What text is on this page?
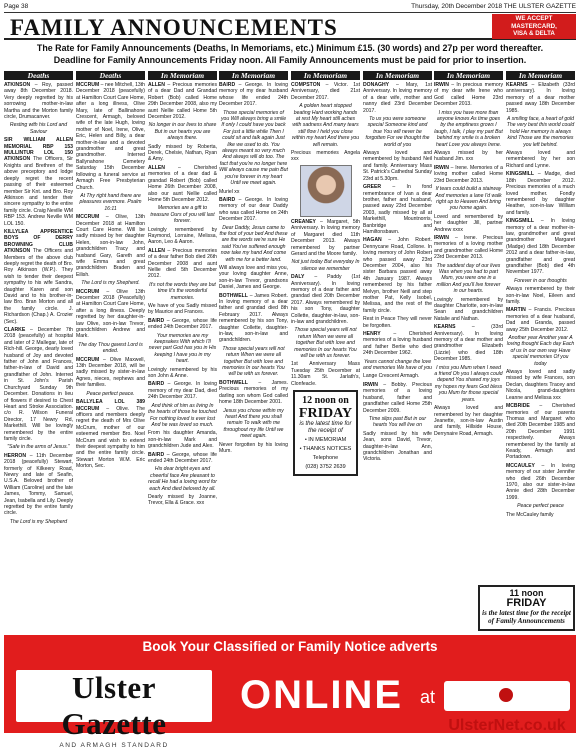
Page 38	Thursday, 20th December 2018 THE ULSTER GAZETTE
FAMILY ANNOUNCEMENTS	WE ACCEPT
MASTERCARD,
VISA & DELTA
The Rate for Family Announcements (Deaths, In Memoriams, etc.) Minimum £15. (30 words) and 27p per word thereafter.
Deadline for Family Announcements Friday noon. All Family Announcements must be paid for prior to insertion.
Deaths

ATKINSON – Roy, passed away 8th December 2018. Very deeply regretted by his sorrowing mother-in-law Martha and the Morton family circle, Drumacanver.

Resting with his Lord and Saviour

SIR WILLIAM ALLEN MEMORIAL RBP 153 MULLINTUR LOL 150 ATKINSON The Officers, Sir Knights and Brethren of the above preceptory and lodge deeply regret the recent passing of their esteemed member Sir Knt. and Bro. Roy Atkinson and tender their sincere sympathy to the entire family circle. Craig Neville WM RBP 153. Andrew Neville WM LOL 150.

KILLYLEA APPRENTICE BOYS OF DERRY BROWNING CLUB ATKINSON The Officers and Members of the above club deeply regret the death of Bro. Roy Atkinson (W.P.). They wish to tender their deepest sympathy to his wife Sandra, daughter Karen and son David and to his brother-in-law Bro. Bran Morton and all the family circle. J. Richardson (Chap.) A. Crozier (Sec).

CLARKE – December 7th 2018 (peacefully) at hospital and later of 2 Mallegar, late of Rich-hill. George, dearly loved husband of Joy and devoted father of John and Frances, father-in-law of David and grandfather of John. Interred in St. John's Parish Churchyard Sunday 9th December. Donations in lieu of flowers if desired to Chest Heart and Stroke Association. c/o R. Wilson Funeral Director, 17 Newry Rd, Markethill. Will be lovingly remembered by the entire family circle.

"Safe in the arms of Jesus."

HERRON – 11th December 2018 (peacefully) Stewart, formerly of Kilkeery Road, Newry and late of Seafin, U.S.A. Beloved brother of William (Caroline) and the late James, Tommy, Samuel, Jean, Isabella and Lily. Deeply regretted by the entire family circle.

The Lord is my Shepherd

Deaths

MCCRUM – nee Mitchell, 13th December 2018 (peacefully) at Hamilton Court Care Home, after a long illness, Olive Mary, late of Ballinahone Crescent, Armagh, beloved wife of the late Hugh, loving mother of Noel, Irene, Olive, Eric, Helen and Billy, a dear mother-in-law and a devoted grandmother and great grandmother. Interred Ballynahone Cemetery Saturday 15th December following a funeral service at Armagh Free Presbyterian Church.

At Thy right hand there are pleasures evermore. Psalm 16:11

MCCRUM – Olive, 13th December 2018 at Hamilton Court Care Home. Will be sadly missed by her daughter Helen, son-in-law John, grandchildren Tracy and husband Gary, Gareth and wife Emma and great grandchildren Braden and Eilish.

The Lord is my Shepherd.

MCCRUM – Olive 13th December 2018 (Peacefully) at Hamilton Court Care Home, after a long illness. Deeply regretted by her daughter-in-law Olive, son-in-law Trevor, grandchildren Andrew and Mark.

The day Thou gavest Lord is ended.

MCCRUM – Olive Maxwell, 13th December 2018, will be sadly missed by sister-in-law Agnes, nieces, nephews and their families.

Peace perfect peace.

BALLYLEA LOL 389 MCCRUM – Olive. The officers and members deeply regret the death of Mrs Olive McCrum, mother of our esteemed member Bro. Noel McCrum and wish to extend their deepest sympathy to him and the entire family circle. Stewart Morton W.M. Eric Morton, Sec.

In Memoriam

ALLEN – Precious memories of a dear Dad and Grandad Robert (Bob) called Home 29th December 2008, also my aunt Nellie called Home 5th December 2012.

No longer in our lives to share But in our hearts you are always there.

Sadly missed by Roberta, Derek, Chelsie, Nathan, Ryan & Amy.

ALLEN	– Cherished memories of a dear dad & grandad Robert (Bob) called Home 26th December 2008, also our aunt Nellie called Home 5th December 2012.

Memories are a gift to treasure Ours of you will last forever.

Lovingly remembered by Raymond, Lorraine, Melissa, Aaron, Leo & Aaron.

ALLEN – Precious memories of a dear father Bob died 26th December 2008 and aunt Nellie died 5th December 2012.

It's not the words they are but time It's the wonderful memories.

We have of you Sadly missed by Maurice and Frances.

BAIRD – George, whose life ended 24th December 2017.

Your memories are my keepsakes With which I'll never part God has you in His keeping I have you in my heart.

Lovingly remembered by his son John & Anne.

BAIRD – George. In loving memory of my dear Dad, died 24th December 2017.

And think of him as living In the hearts of those he touched For nothing loved is ever lost And he was loved so much.

From his daughter Amanda, son-in-law Mark and grandchildren Jude and Alex.

BAIRD – George, whose life ended 24th December 2017.

His dear bright eyes and cheerful face Are pleasant to recall He had a loving word for each And died beloved by all.

Dearly missed by Joanne, Trevor, Ella & Grace. xxx

In Memoriam

BAIRD – George. In loving memory of my dear husband whose life ended 24th December 2017.

Those special memories of you Will always bring a smile If only I could have you back For just a little while Then I could sit and talk again Just like we used to do. You always meant so very much And always will do too. The fact that you're no longer here Will always cause me pain But you're forever in my heart Until we meet again.

Muriel xx

BAIRD – George. In loving memory of our dear Daddy who was called Home on 24th December 2017.

Dear Daddy, Jesus came to the foot of your bed And these are the words we're sure He said You've suffered enough now take my hand And come with me for a better land.

Will always love and miss you, your loving daughter Anne, son-in-law Trevor, grandsons Daniel, James and George.

BOTHWELL – James Robert. In loving memory of a dear father and grandad died 8th February 2017. Always remembered by his son Tony, daughter Collette, daughter-in-law, son-in-law and grandchildren.

Those special years will not return When we were all together But with love and memories In our hearts You will be with us forever.

BOTHWELL – James. Precious memories of my darling son whom God called home 18th December 2001.

Jesus you chose within my heart And there you shall remain To walk with me throughout my life Until we meet again.

Never forgotten by his loving Mum.

In Memoriam

COMPSTON – Victor. 1st Anniversary, died 21st December 2017.

A golden heart stopped beating Hard working hands at rest My heart still aches with sadness And many tears still flow I held you close within my heart And there you will remain.

Precious memories Angela xxx

CREANEY – Margaret, 5th Anniversary. In loving memory of Margaret died 11th December 2013. Always remembered by partner Gerard and the Moore family.

Not just today But everyday In silence we remember

DALY – Paddy (1st Anniversary). In loving memory of a dear father and grandad died 20th December 2017. Always remembered by his son Tony, daughter Collette, daughter-in-law, son-in-law and grandchildren.

Those special years will not return When we were all together But with love and memories In our hearts You will be with us forever.

1st Anniversary Mass Tuesday 25th December at 11.30am St. Jarlath's, Clonfeacle.

12 noon on
FRIDAY
is the latest time for the receipt of
• IN MEMORIAM
• THANKS NOTICES
Telephone
(028) 3752 2639
In Memoriam

DONAGHY – Mary, 1st Anniversary. In loving memory of a dear wife, mother and nanny died 23rd December 2017.

To us you were someone special Someone kind and true You will never be forgotten For we thought the world of you

Always loved and remembered by husband Neil and family. Anniversary Mass St. Patrick's Cathedral Sunday 23rd at 5.30pm.

GREER – In fond remembrance of Ivan a dear brother, father and husband, passed away 23rd December 2003, sadly missed by all at Markethill, Mountnorris, Banbridge and Hamiltonsbawn.

HAGAN – John Robert. Dennycane Road, Collone. In loving memory of John Robert who passed away 23rd December 2004, also his sister Barbara passed away 4th January 1987. Always remembered by his father Melvyn, brother Neill and step mother Pat, Kelly Isobel, Melissa, and the rest of the family circle.

Rest in Peace They will never be forgotten.

HENRY – Cherished memories of a loving husband and father Bertie who died 24th December 1962.

Years cannot change the love and memories We have of you

Lange Crescent Armagh.

IRWIN – Bobby. Precious memories of a loving husband, father and grandfather called Home 25th December 2009.

Time slips past But in our hearts You will live on

Sadly missed by his wife Jean, sons David, Trevor, daughter-in-law Ann, grandchildren Jonathan and Victoria.

In Memoriam

IRWIN – In precious memory of my dear wife Irene who God called Home 23rd December 2013.

I miss you have more than anyone knows As time goes by the emptiness grows I laugh, I talk, I play my part But behind my smile is a broken heart Love you always Irene.

Always missed by her husband Jim. xxx

IRWIN – Irene. Memories of a loving mother called Home 23rd December 2013.

If tears could build a stairway And memories a lane I'd walk right up to Heaven And bring you home again.

Loved and remembered by her daughter Jill, partner Andrew xxxx

IRWIN – Irene. Precious memories of a loving mother and grandmother called Home 23rd December 2013.

The saddest day of our lives Was when you had to part Mum, you were one in a million And you'll live forever in our hearts.

Lovingly remembered by daughter Charlotte, son-in-law Sean and grandchildren Natalie and Nathan.

KEARNS	– (33rd Anniversary). In loving memory of a dear mother and grandmother Elizabeth (Lizzie) who died 18th December 1985.

I miss you Mum when I need a friend Oh you I always could depend You shared my joys my hopes my fears God bless you Mum for those special years.

Always loved and remembered by her daughter Jeanette, son-in-law Austin and family, Hillside House, Derrynaire Road, Armagh.

In Memoriam

KEARNS – Elizabeth (33rd anniversary). In loving memory of a dear mother passed away 18th December 1985.

A smiling face, a heart of gold The very best this world could hold Her memory is always kind Those are the memories you left behind.

Always loved and remembered by her son Richard and Lynne.

KINGSMILL – Madge, died 18th December 2012. Precious memories of a much loved mother. Fondly remembered by daughter Heather, son-in-law William and family.

KINGSMILL – In loving memory of a dear mother-in-law, grandmother and great grandmother Margaret (Madge) died 18th December 2012 and a dear father-in-law, grandfather and great grandfather (Bob) died 4th November 1977.

Forever in our thoughts

Always remembered by their son-in-law Noel, Eileen and family.

MARTIN – Francis. Precious memories of a dear husband, Dad and Granda, passed away 25th December 2012.

Another year Another year A loving thought Each day Each of us In our own way Have special memories Of you today

Always loved and sadly missed by wife Frances, son Declan, daughters Tracey and Nicola, grand-daughters Leanne and Melissa xxx

MCBRIDE – Cherished memories of our parents Thomas and Margaret who died 20th December 1985 and 20th December 1991 respectively. Always remembered by the family at Keady, Armagh and Portadown.

MCCAULEY – In loving memory of our sister Jennifer who died 26th December 1970, also our sister-in-law Annie died 28th December 1999.

Peace perfect peace

The McCauley family

11 noon
FRIDAY
is the latest time for the receipt of Family Announcements
Book Your Classified or Family Notice adverts
Ulster Gazette
AND ARMAGH STANDARD
ONLINE at
UlsterNet.co.uk
